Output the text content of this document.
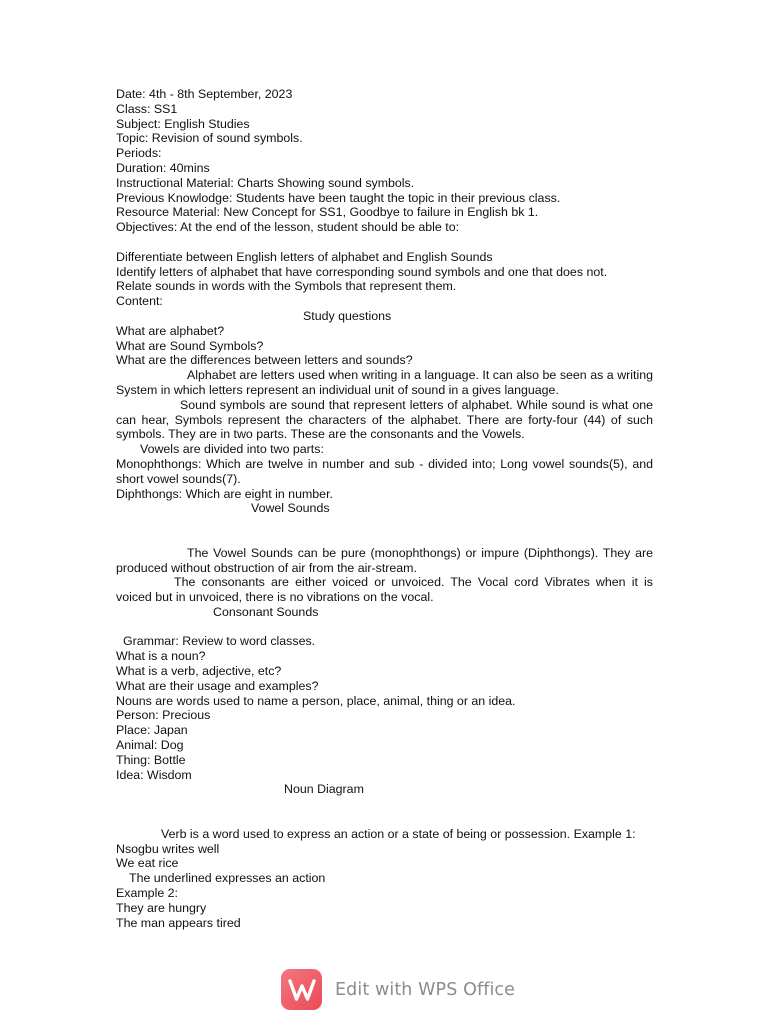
Date: 4th - 8th September, 2023
Class: SS1
Subject: English Studies
Topic: Revision of sound symbols.
Periods:
Duration: 40mins
Instructional Material: Charts Showing sound symbols.
Previous Knowlodge: Students have been taught the topic in their previous class.
Resource Material: New Concept for SS1, Goodbye to failure in English bk 1.
Objectives: At the end of the lesson, student should be able to:
Differentiate between English letters of alphabet and English Sounds
Identify letters of alphabet that have corresponding sound symbols and one that does not.
Relate sounds in words with the Symbols that represent them.
Content:
Study questions
What are alphabet?
What are Sound Symbols?
What are the differences between letters and sounds?
Alphabet are letters used when writing in a language. It can also be seen as a writing System in which letters represent an individual unit of sound in a gives language.
Sound symbols are sound that represent letters of alphabet. While sound is what one can hear, Symbols represent the characters of the alphabet. There are forty-four (44) of such symbols. They are in two parts. These are the consonants and the Vowels.
Vowels are divided into two parts:
Monophthongs: Which are twelve in number and sub - divided into; Long vowel sounds(5), and short vowel sounds(7).
Diphthongs: Which are eight in number.
Vowel Sounds
The Vowel Sounds can be pure (monophthongs) or impure (Diphthongs). They are produced without obstruction of air from the air-stream.
The consonants are either voiced or unvoiced. The Vocal cord Vibrates when it is voiced but in unvoiced, there is no vibrations on the vocal.
Consonant Sounds
Grammar: Review to word classes.
What is a noun?
What is a verb, adjective, etc?
What are their usage and examples?
Nouns are words used to name a person, place, animal, thing or an idea.
Person: Precious
Place: Japan
Animal: Dog
Thing: Bottle
Idea: Wisdom
Noun Diagram
Verb is a word used to express an action or a state of being or possession. Example 1:
Nsogbu writes well
We eat rice
The underlined expresses an action
Example 2:
They are hungry
The man appears tired
Edit with WPS Office
